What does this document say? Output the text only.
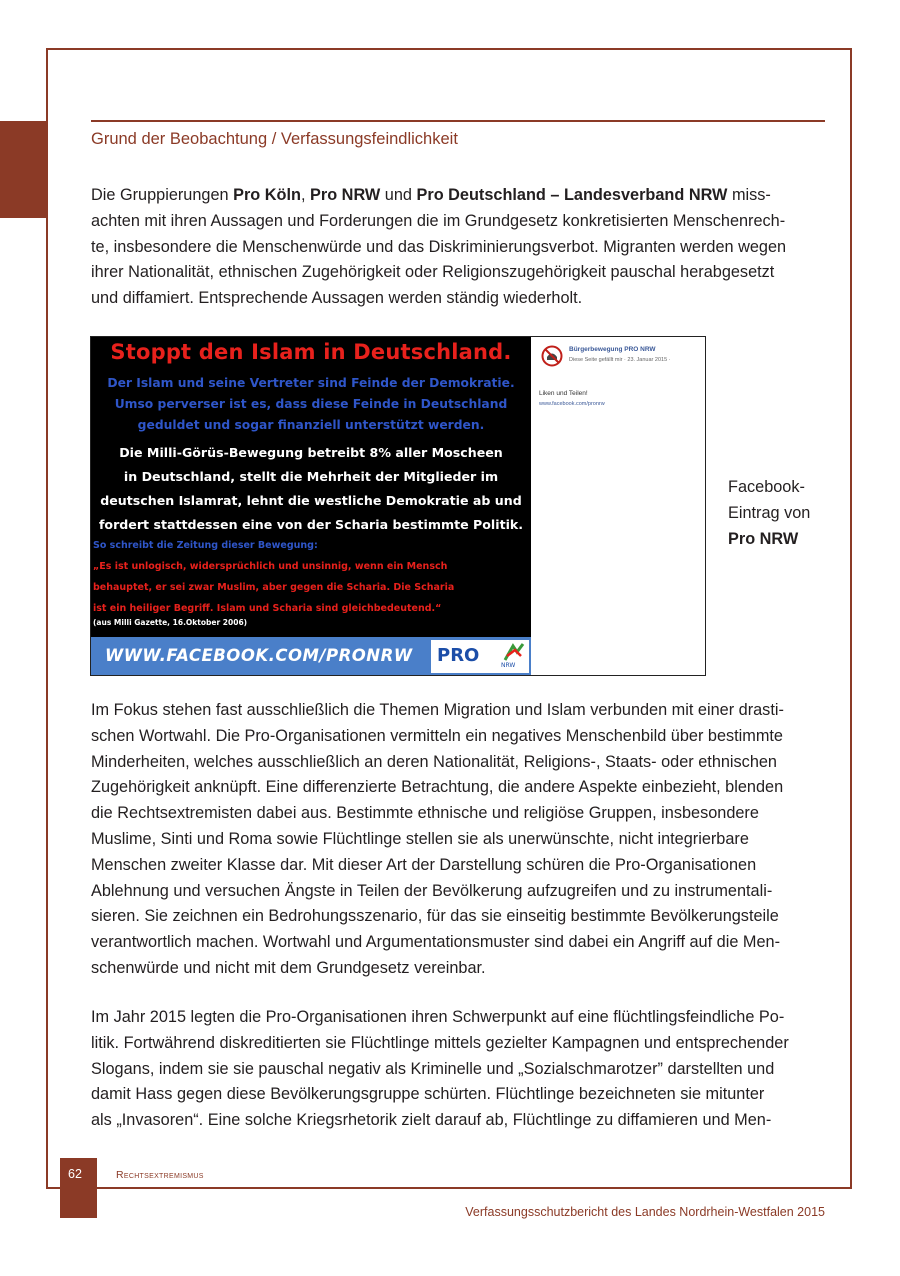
Grund der Beobachtung / Verfassungsfeindlichkeit

Die Gruppierungen Pro Köln, Pro NRW und Pro Deutschland – Landesverband NRW miss-
achten mit ihren Aussagen und Forderungen die im Grundgesetz konkretisierten Menschenrech-
te, insbesondere die Menschenwürde und das Diskriminierungsverbot. Migranten werden wegen
ihrer Nationalität, ethnischen Zugehörigkeit oder Religionszugehörigkeit pauschal herabgesetzt
und diffamiert. Entsprechende Aussagen werden ständig wiederholt.

Stoppt den Islam in Deutschland.
Der Islam und seine Vertreter sind Feinde der Demokratie.
Umso perverser ist es, dass diese Feinde in Deutschland
geduldet und sogar finanziell unterstützt werden.
Die Milli-Görüs-Bewegung betreibt 8% aller Moscheen
in Deutschland, stellt die Mehrheit der Mitglieder im
deutschen Islamrat, lehnt die westliche Demokratie ab und
fordert stattdessen eine von der Scharia bestimmte Politik.
So schreibt die Zeitung dieser Bewegung:
„Es ist unlogisch, widersprüchlich und unsinnig, wenn ein Mensch
behauptet, er sei zwar Muslim, aber gegen die Scharia. Die Scharia
ist ein heiliger Begriff. Islam und Scharia sind gleichbedeutend.“
(aus Milli Gazette, 16.Oktober 2006)
WWW.FACEBOOK.COM/PRONRW PRO	NRW
Bürgerbewegung PRO NRW
Diese Seite gefällt mir · 23. Januar 2015 ·
Liken und Teilen!
www.facebook.com/pronrw
Facebook-
Eintrag von
Pro NRW

Im Fokus stehen fast ausschließlich die Themen Migration und Islam verbunden mit einer drasti-
schen Wortwahl. Die Pro-Organisationen vermitteln ein negatives Menschenbild über bestimmte
Minderheiten, welches ausschließlich an deren Nationalität, Religions-, Staats- oder ethnischen
Zugehörigkeit anknüpft. Eine differenzierte Betrachtung, die andere Aspekte einbezieht, blenden
die Rechtsextremisten dabei aus. Bestimmte ethnische und religiöse Gruppen, insbesondere
Muslime, Sinti und Roma sowie Flüchtlinge stellen sie als unerwünschte, nicht integrierbare
Menschen zweiter Klasse dar. Mit dieser Art der Darstellung schüren die Pro-Organisationen
Ablehnung und versuchen Ängste in Teilen der Bevölkerung aufzugreifen und zu instrumentali-
sieren. Sie zeichnen ein Bedrohungsszenario, für das sie einseitig bestimmte Bevölkerungsteile
verantwortlich machen. Wortwahl und Argumentationsmuster sind dabei ein Angriff auf die Men-
schenwürde und nicht mit dem Grundgesetz vereinbar.

Im Jahr 2015 legten die Pro-Organisationen ihren Schwerpunkt auf eine flüchtlingsfeindliche Po-
litik. Fortwährend diskreditierten sie Flüchtlinge mittels gezielter Kampagnen und entsprechender
Slogans, indem sie sie pauschal negativ als Kriminelle und „Sozialschmarotzer” darstellten und
damit Hass gegen diese Bevölkerungsgruppe schürten. Flüchtlinge bezeichneten sie mitunter
als „Invasoren“. Eine solche Kriegsrhetorik zielt darauf ab, Flüchtlinge zu diffamieren und Men-

62	Rechtsextremismus
Verfassungsschutzbericht des Landes Nordrhein-Westfalen 2015
